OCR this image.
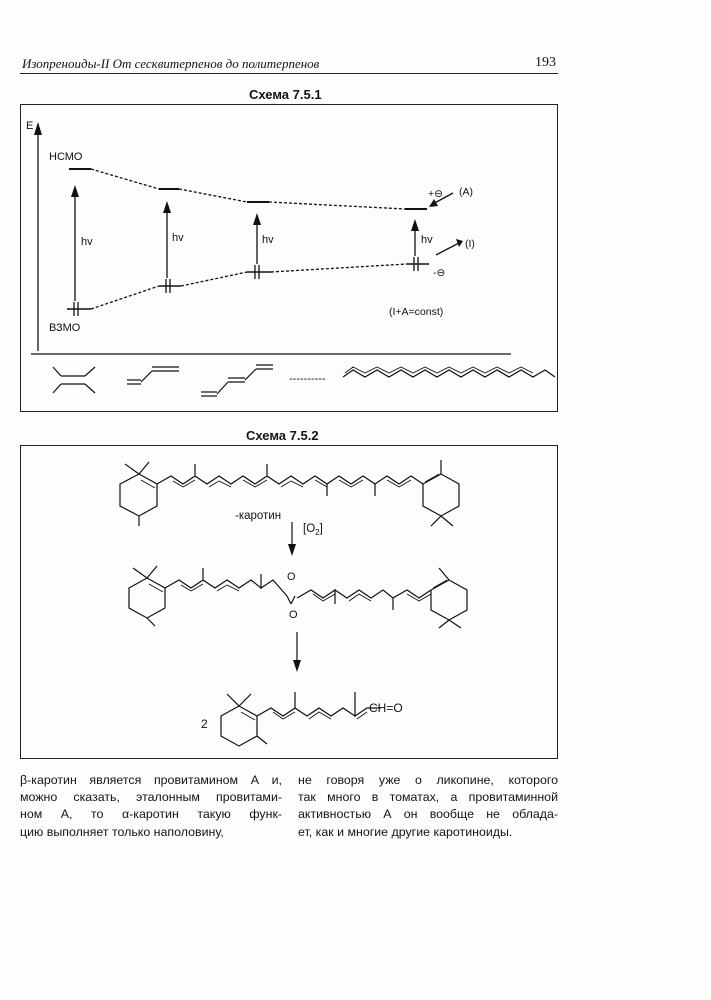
Изопреноиды-II От сесквитерпенов до политерпенов	193
Схема 7.5.1
E
НСМО
ВЗМО
hv	hv	hv	hv
+⊖ (A)
-⊖
(I)
(I+A=const)
----------
Схема 7.5.2
-каротин
$[O_2]$
O
O
2
CH=O
β-каротин является провитамином А и,
можно сказать, эталонным провитами-
ном А, то α-каротин такую функ-
цию выполняет только наполовину,
не говоря уже о ликопине, которого
так много в томатах, а провитаминной
активностью А он вообще не облада-
ет, как и многие другие каротиноиды.
